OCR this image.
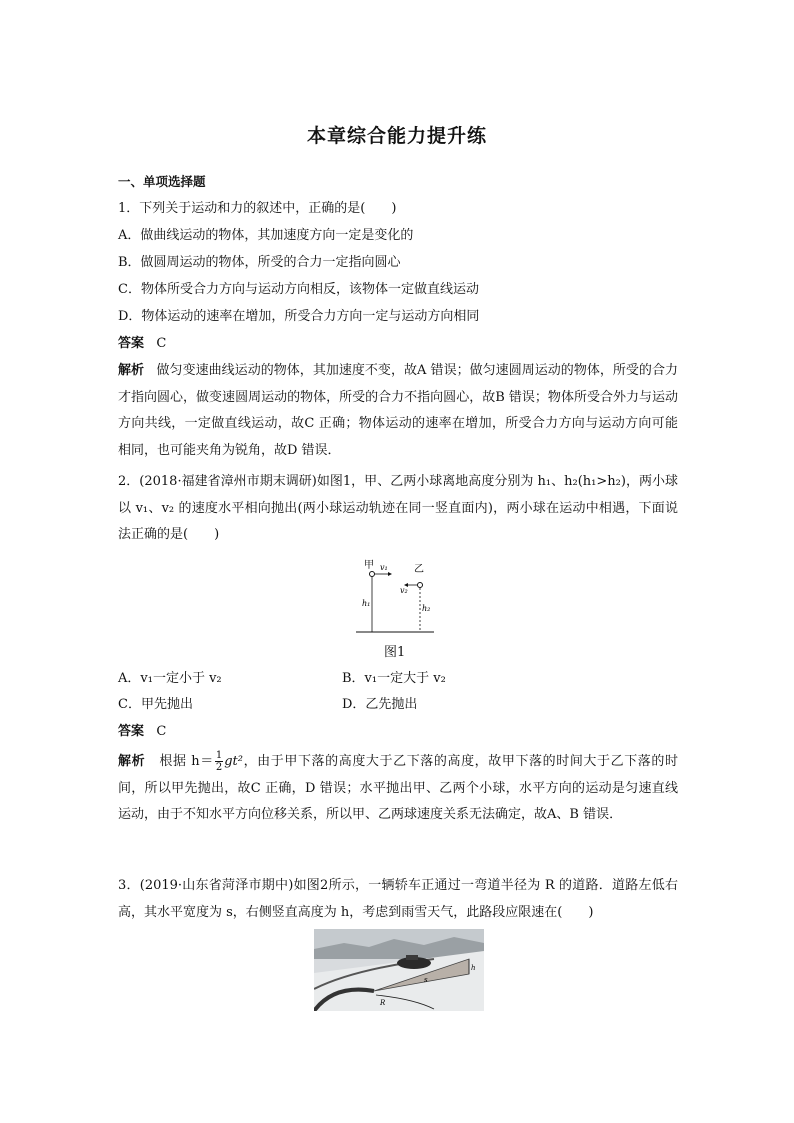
本章综合能力提升练
一、单项选择题
1．下列关于运动和力的叙述中，正确的是(　　)
A．做曲线运动的物体，其加速度方向一定是变化的
B．做圆周运动的物体，所受的合力一定指向圆心
C．物体所受合力方向与运动方向相反，该物体一定做直线运动
D．物体运动的速率在增加，所受合力方向一定与运动方向相同
答案 C
解析 做匀变速曲线运动的物体，其加速度不变，故A 错误；做匀速圆周运动的物体，所受的合力才指向圆心，做变速圆周运动的物体，所受的合力不指向圆心，故B 错误；物体所受合外力与运动方向共线，一定做直线运动，故C 正确；物体运动的速率在增加，所受合力方向与运动方向可能相同，也可能夹角为锐角，故D 错误．
2．(2018·福建省漳州市期末调研)如图1，甲、乙两小球离地高度分别为 h₁、h₂(h₁>h₂)，两小球以 v₁、v₂ 的速度水平相向抛出(两小球运动轨迹在同一竖直面内)，两小球在运动中相遇，下面说法正确的是(　　)
甲 v₁
h₁
乙
v₂
h₂
图1
A．v₁一定小于 v₂	B．v₁一定大于 v₂
C．甲先抛出	D．乙先抛出
答案 C
解析 根据 $h= \frac{1}{2} gt^2$，由于甲下落的高度大于乙下落的高度，故甲下落的时间大于乙下落的时间，所以甲先抛出，故C 正确，D 错误；水平抛出甲、乙两个小球，水平方向的运动是匀速直线运动，由于不知水平方向位移关系，所以甲、乙两球速度关系无法确定，故A、B 错误．
3．(2019·山东省菏泽市期中)如图2所示，一辆轿车正通过一弯道半径为 R 的道路．道路左低右高，其水平宽度为 s，右侧竖直高度为 h，考虑到雨雪天气，此路段应限速在(　　)
h
s
R
